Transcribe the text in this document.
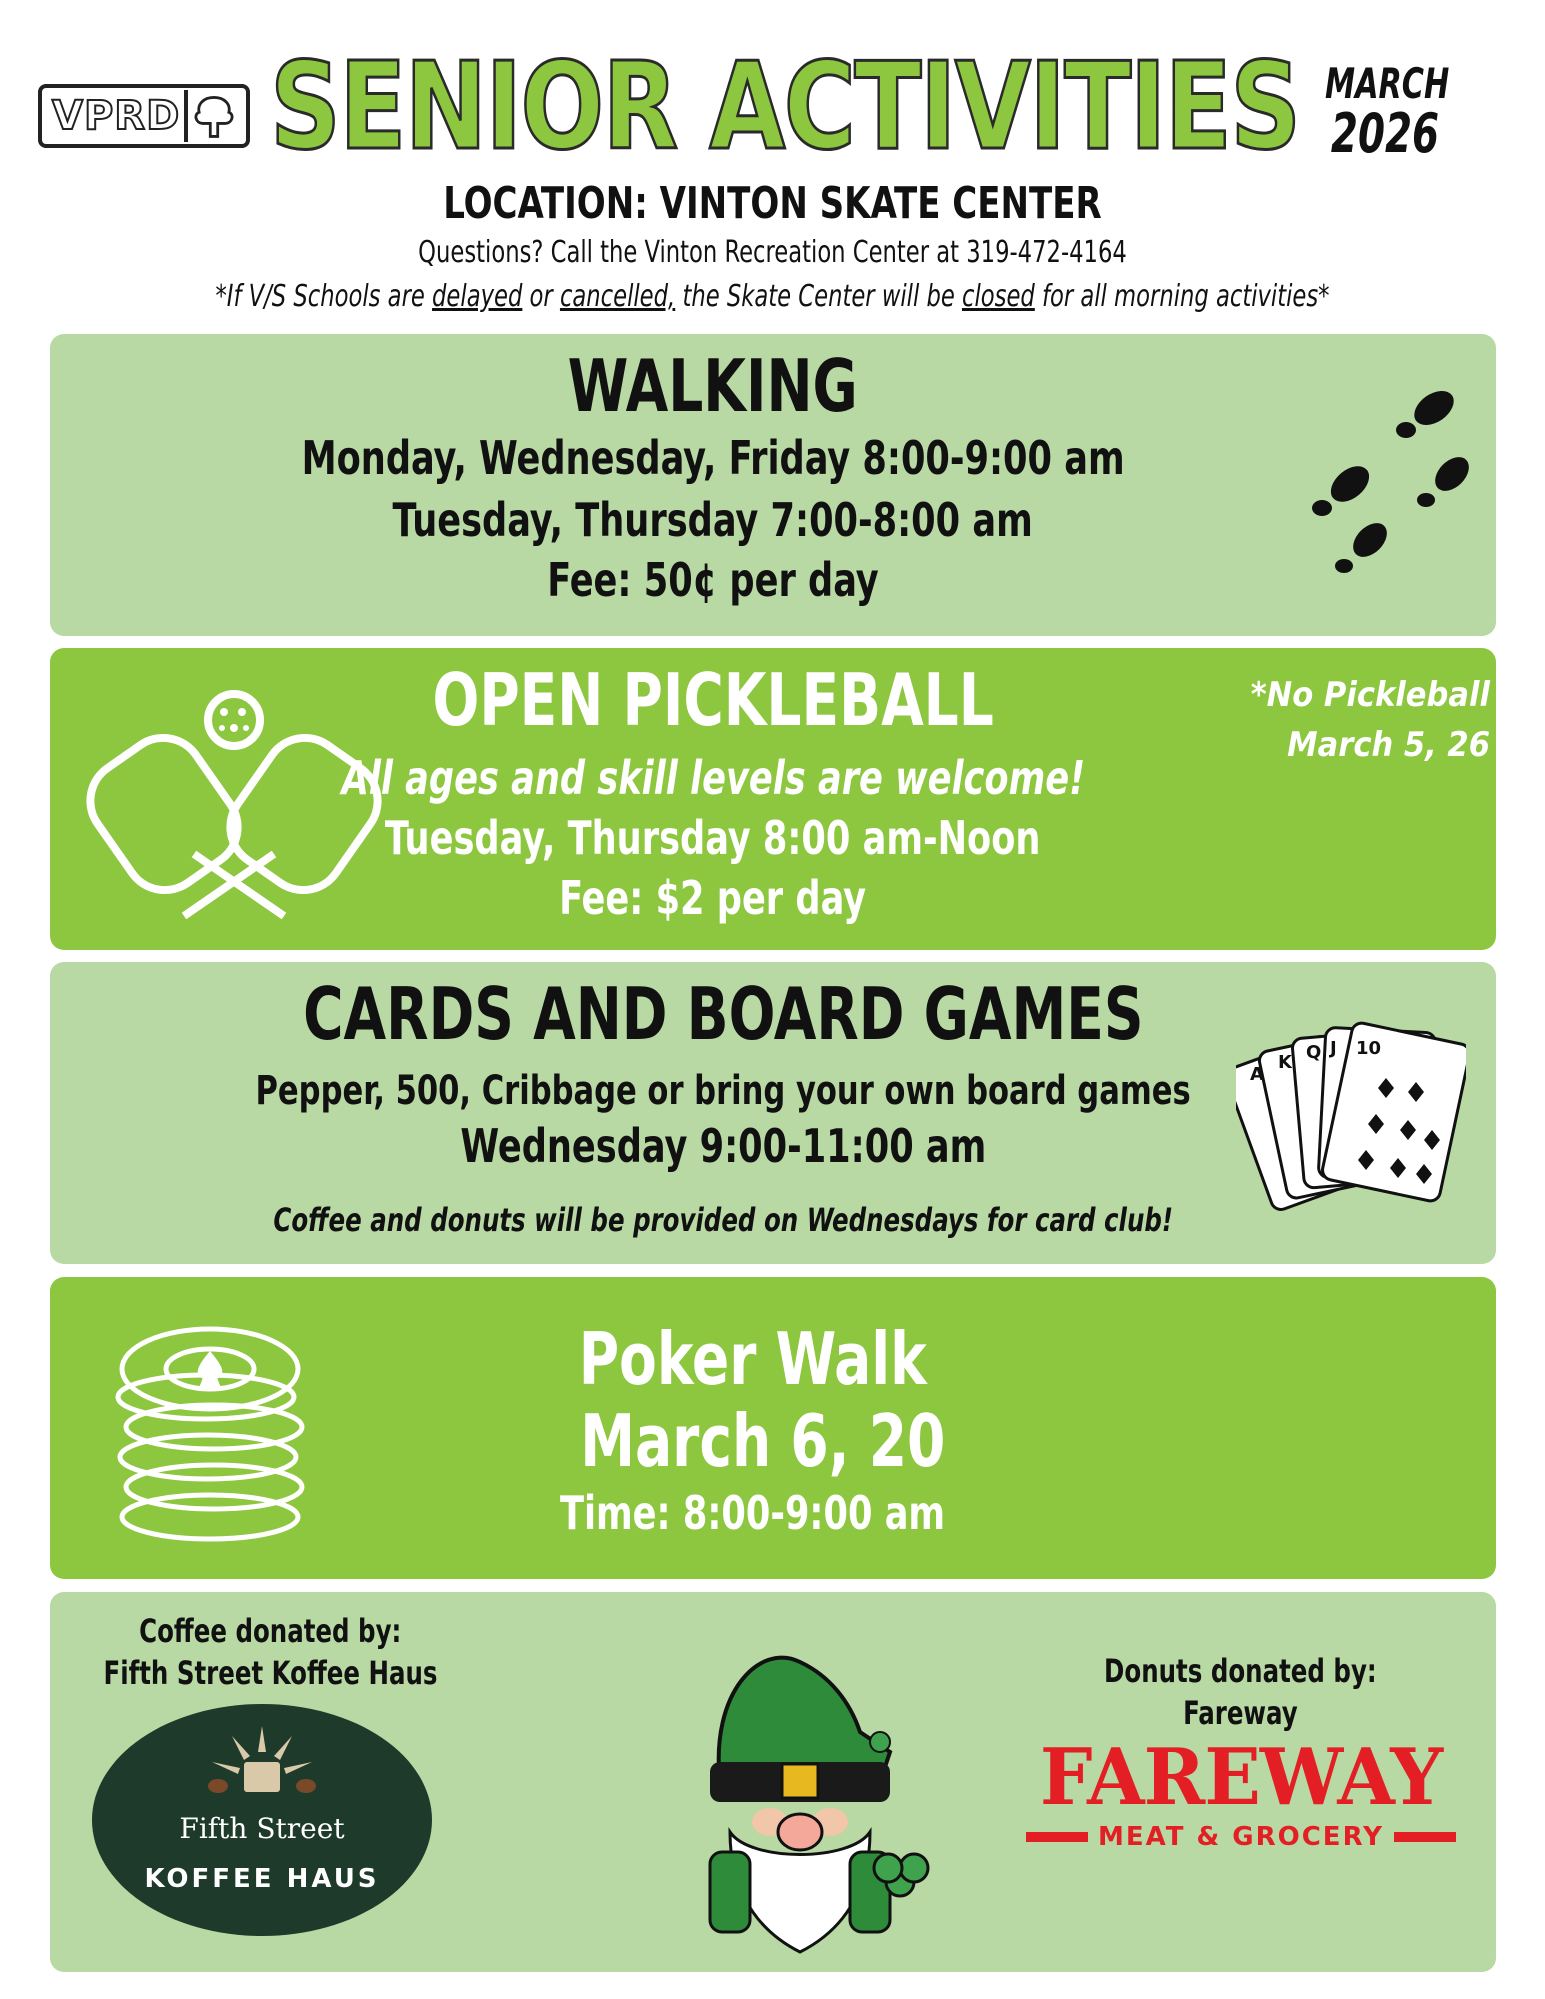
VPRD SENIOR ACTIVITIES MARCH
2026
LOCATION: VINTON SKATE CENTER
Questions? Call the Vinton Recreation Center at 319-472-4164
*If V/S Schools are delayed or cancelled, the Skate Center will be closed for all morning activities*
WALKING
Monday, Wednesday, Friday 8:00-9:00 am
Tuesday, Thursday 7:00-8:00 am
Fee: 50¢ per day
OPEN PICKLEBALL
All ages and skill levels are welcome!
Tuesday, Thursday 8:00 am-Noon
Fee: $2 per day
*No Pickleball
March 5, 26
CARDS AND BOARD GAMES
Pepper, 500, Cribbage or bring your own board games
Wednesday 9:00-11:00 am
Coffee and donuts will be provided on Wednesdays for card club!
A
K Q J 10
Poker Walk
March 6, 20
Time: 8:00-9:00 am
Coffee donated by:
Fifth Street Koffee Haus
Fifth Street
KOFFEE HAUS
Donuts donated by:
Fareway
FAREWAY
MEAT & GROCERY
